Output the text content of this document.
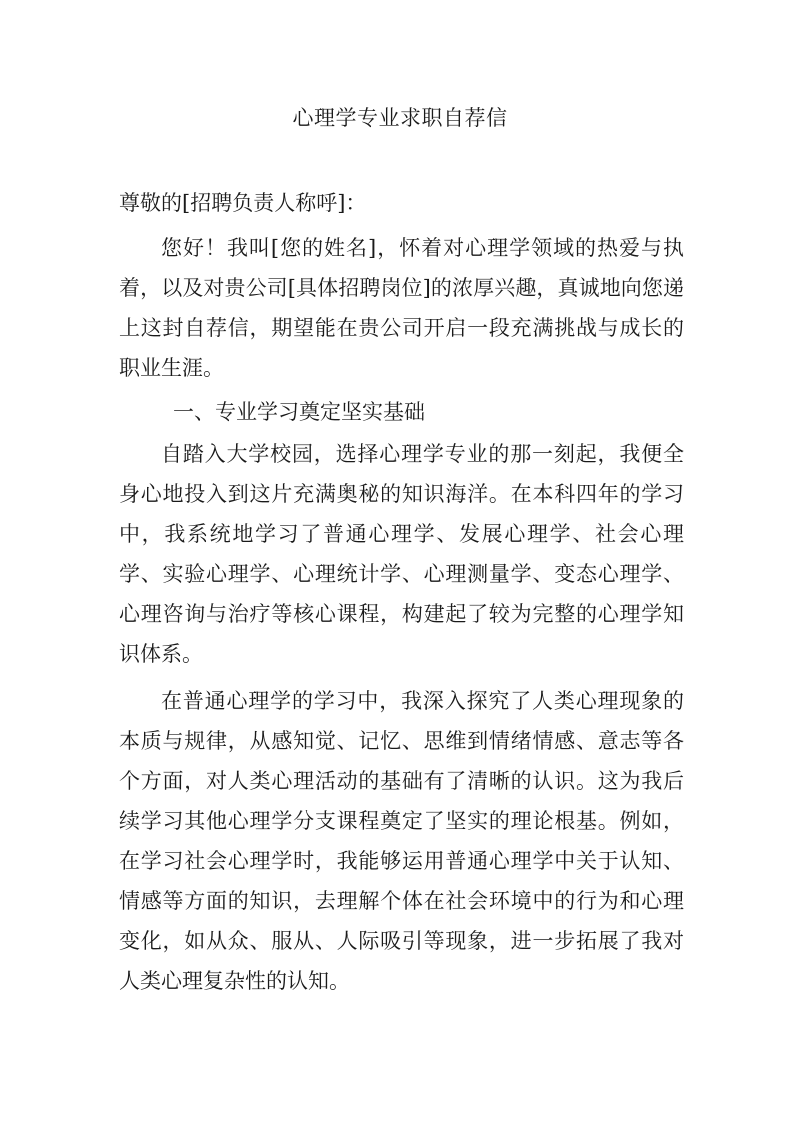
心理学专业求职自荐信
尊敬的[招聘负责人称呼]：
您好！我叫[您的姓名]，怀着对心理学领域的热爱与执着，以及对贵公司[具体招聘岗位]的浓厚兴趣，真诚地向您递上这封自荐信，期望能在贵公司开启一段充满挑战与成长的职业生涯。
一、专业学习奠定坚实基础
自踏入大学校园，选择心理学专业的那一刻起，我便全身心地投入到这片充满奥秘的知识海洋。在本科四年的学习中，我系统地学习了普通心理学、发展心理学、社会心理学、实验心理学、心理统计学、心理测量学、变态心理学、心理咨询与治疗等核心课程，构建起了较为完整的心理学知识体系。
在普通心理学的学习中，我深入探究了人类心理现象的本质与规律，从感知觉、记忆、思维到情绪情感、意志等各个方面，对人类心理活动的基础有了清晰的认识。这为我后续学习其他心理学分支课程奠定了坚实的理论根基。例如，在学习社会心理学时，我能够运用普通心理学中关于认知、情感等方面的知识，去理解个体在社会环境中的行为和心理变化，如从众、服从、人际吸引等现象，进一步拓展了我对人类心理复杂性的认知。
